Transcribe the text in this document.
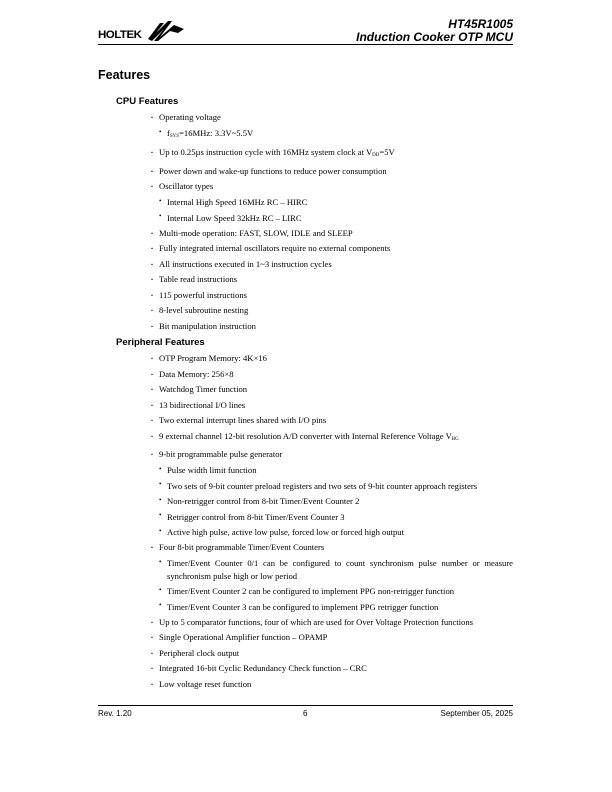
HOLTEK
HT45R1005
Induction Cooker OTP MCU
Features
CPU Features
· Operating voltage
• $f_{SYS}=16MHz$: 3.3V~5.5V
· Up to 0.25µs instruction cycle with 16MHz system clock at $V_{DD}=5V$
· Power down and wake-up functions to reduce power consumption
· Oscillator types
• Internal High Speed 16MHz RC – HIRC
• Internal Low Speed 32kHz RC – LIRC
· Multi-mode operation: FAST, SLOW, IDLE and SLEEP
· Fully integrated internal oscillators require no external components
· All instructions executed in 1~3 instruction cycles
· Table read instructions
· 115 powerful instructions
· 8-level subroutine nesting
· Bit manipulation instruction
Peripheral Features
· OTP Program Memory: 4K×16
· Data Memory: 256×8
· Watchdog Timer function
· 13 bidirectional I/O lines
· Two external interrupt lines shared with I/O pins
· 9 external channel 12-bit resolution A/D converter with Internal Reference Voltage $V_{BG}$
· 9-bit programmable pulse generator
• Pulse width limit function
• Two sets of 9-bit counter preload registers and two sets of 9-bit counter approach registers
• Non-retrigger control from 8-bit Timer/Event Counter 2
• Retrigger control from 8-bit Timer/Event Counter 3
• Active high pulse, active low pulse, forced low or forced high output
· Four 8-bit programmable Timer/Event Counters
• Timer/Event Counter 0/1 can be configured to count synchronism pulse number or measure synchronism pulse high or low period
• Timer/Event Counter 2 can be configured to implement PPG non-retrigger function
• Timer/Event Counter 3 can be configured to implement PPG retrigger function
· Up to 5 comparator functions, four of which are used for Over Voltage Protection functions
· Single Operational Amplifier function – OPAMP
· Peripheral clock output
· Integrated 16-bit Cyclic Redundancy Check function – CRC
· Low voltage reset function
Rev. 1.20	6	September 05, 2025
